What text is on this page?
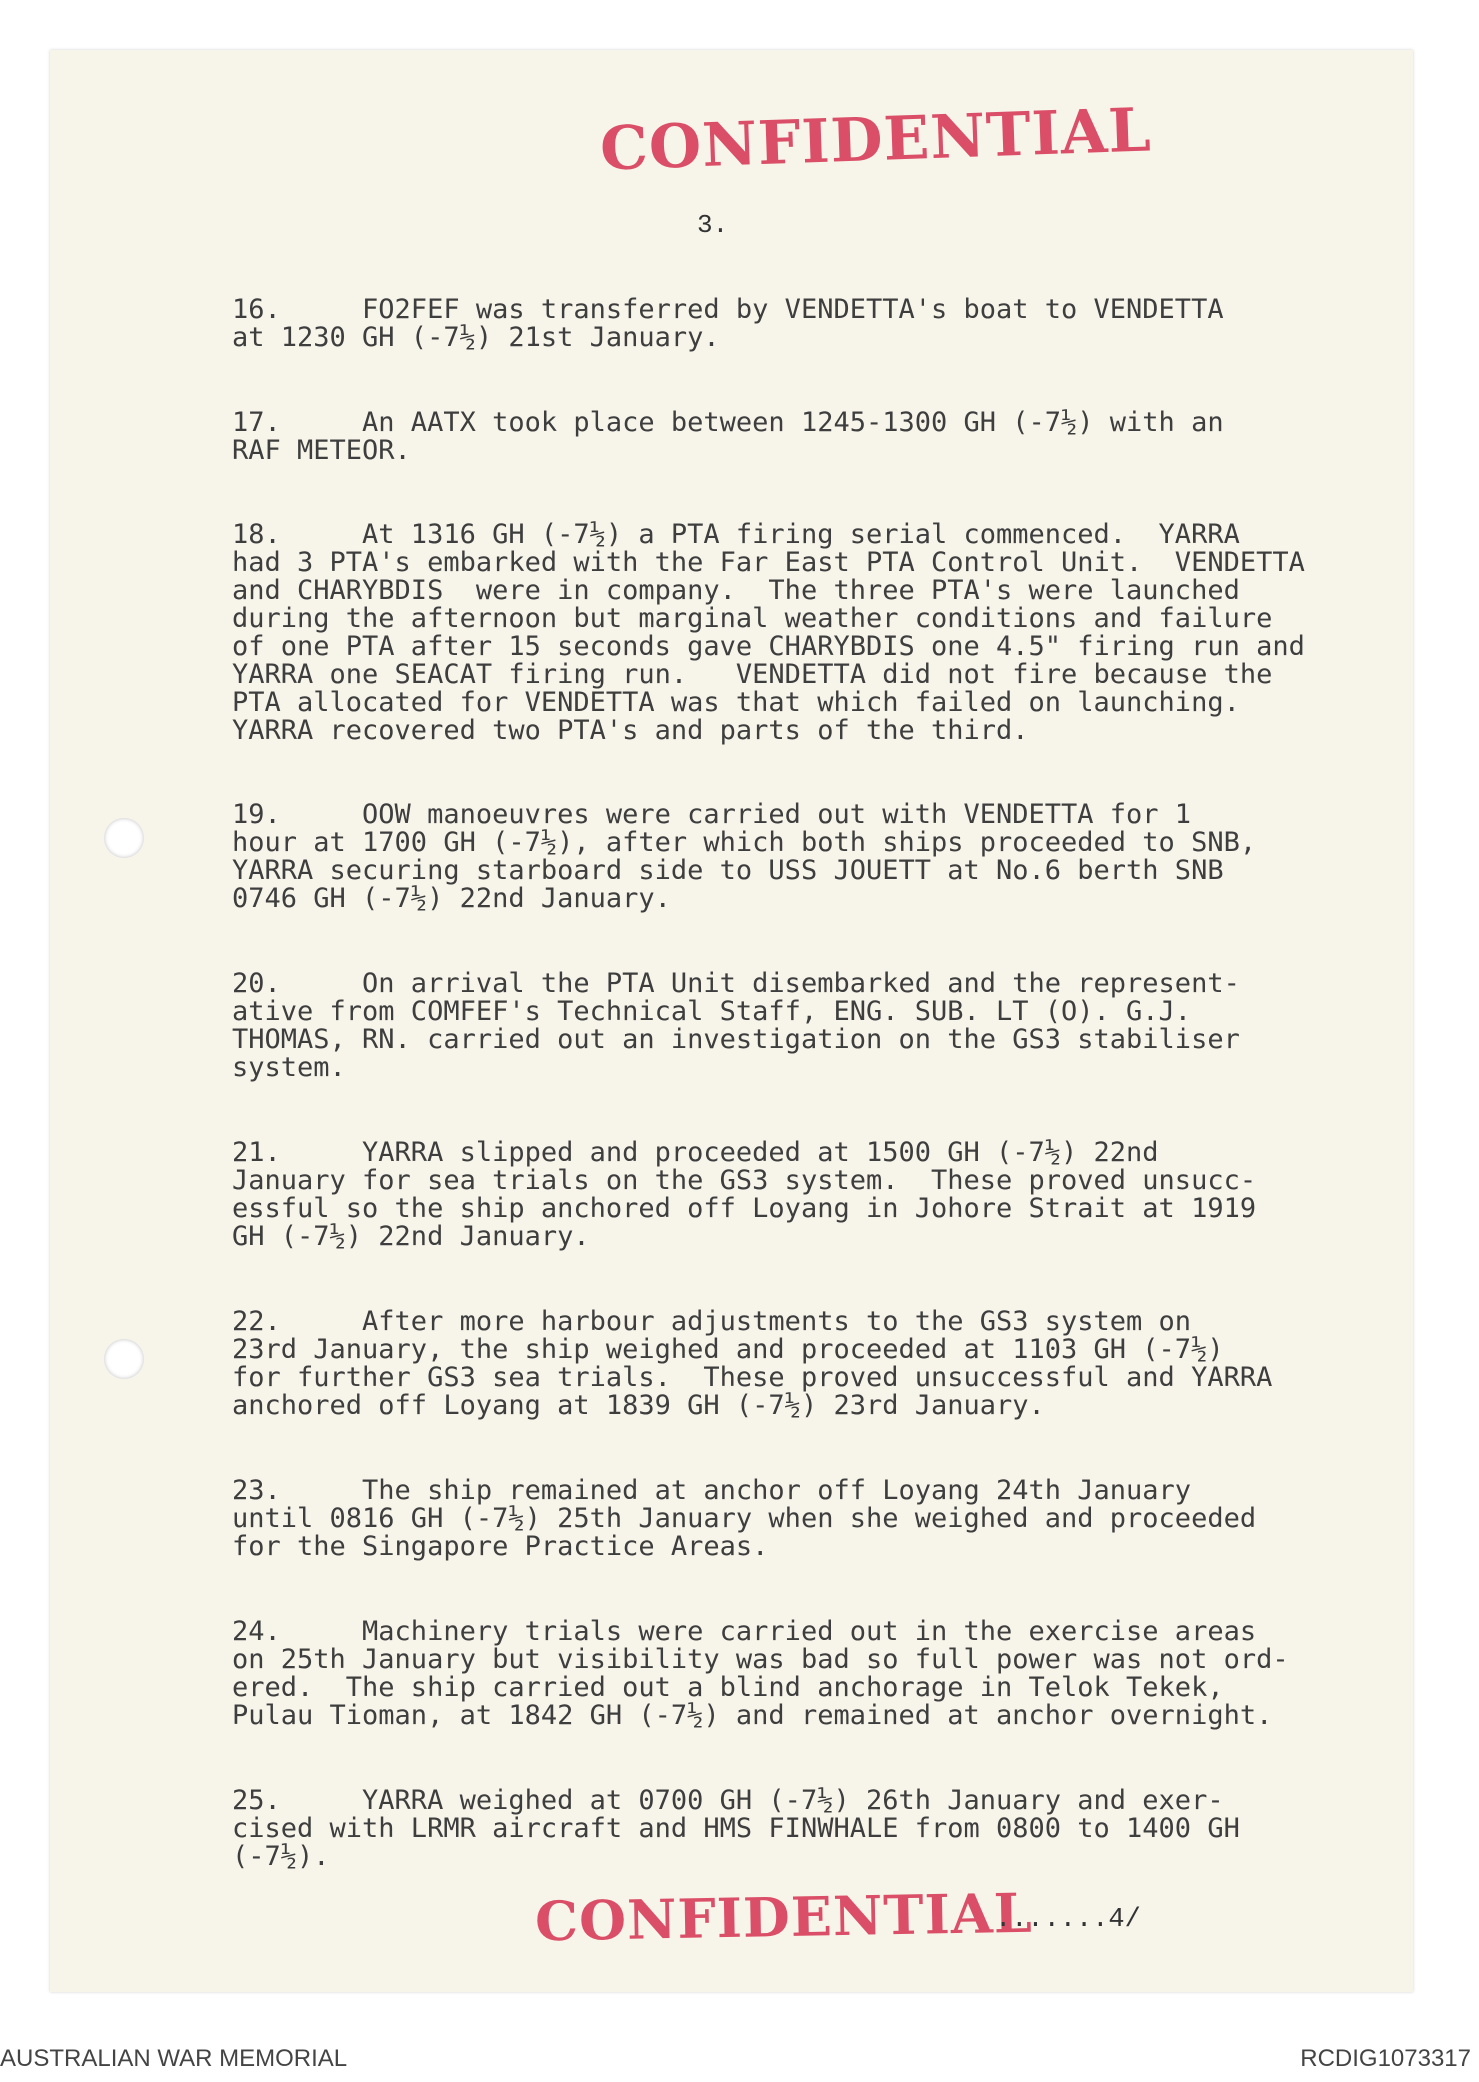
CONFIDENTIAL
3.
16.     FO2FEF was transferred by VENDETTA's boat to VENDETTA
at 1230 GH (-7½) 21st January.
17.     An AATX took place between 1245-1300 GH (-7½) with an
RAF METEOR.
18.     At 1316 GH (-7½) a PTA firing serial commenced.  YARRA
had 3 PTA's embarked with the Far East PTA Control Unit.  VENDETTA
and CHARYBDIS  were in company.  The three PTA's were launched
during the afternoon but marginal weather conditions and failure
of one PTA after 15 seconds gave CHARYBDIS one 4.5" firing run and
YARRA one SEACAT firing run.   VENDETTA did not fire because the
PTA allocated for VENDETTA was that which failed on launching.
YARRA recovered two PTA's and parts of the third.
19.     OOW manoeuvres were carried out with VENDETTA for 1
hour at 1700 GH (-7½), after which both ships proceeded to SNB,
YARRA securing starboard side to USS JOUETT at No.6 berth SNB
0746 GH (-7½) 22nd January.
20.     On arrival the PTA Unit disembarked and the represent-
ative from COMFEF's Technical Staff, ENG. SUB. LT (O). G.J.
THOMAS, RN. carried out an investigation on the GS3 stabiliser
system.
21.     YARRA slipped and proceeded at 1500 GH (-7½) 22nd
January for sea trials on the GS3 system.  These proved unsucc-
essful so the ship anchored off Loyang in Johore Strait at 1919
GH (-7½) 22nd January.
22.     After more harbour adjustments to the GS3 system on
23rd January, the ship weighed and proceeded at 1103 GH (-7½)
for further GS3 sea trials.  These proved unsuccessful and YARRA
anchored off Loyang at 1839 GH (-7½) 23rd January.
23.     The ship remained at anchor off Loyang 24th January
until 0816 GH (-7½) 25th January when she weighed and proceeded
for the Singapore Practice Areas.
24.     Machinery trials were carried out in the exercise areas
on 25th January but visibility was bad so full power was not ord-
ered.  The ship carried out a blind anchorage in Telok Tekek,
Pulau Tioman, at 1842 GH (-7½) and remained at anchor overnight.
25.     YARRA weighed at 0700 GH (-7½) 26th January and exer-
cised with LRMR aircraft and HMS FINWHALE from 0800 to 1400 GH
(-7½).
CONFIDENTIAL
.......4/
AUSTRALIAN WAR MEMORIAL	RCDIG1073317
